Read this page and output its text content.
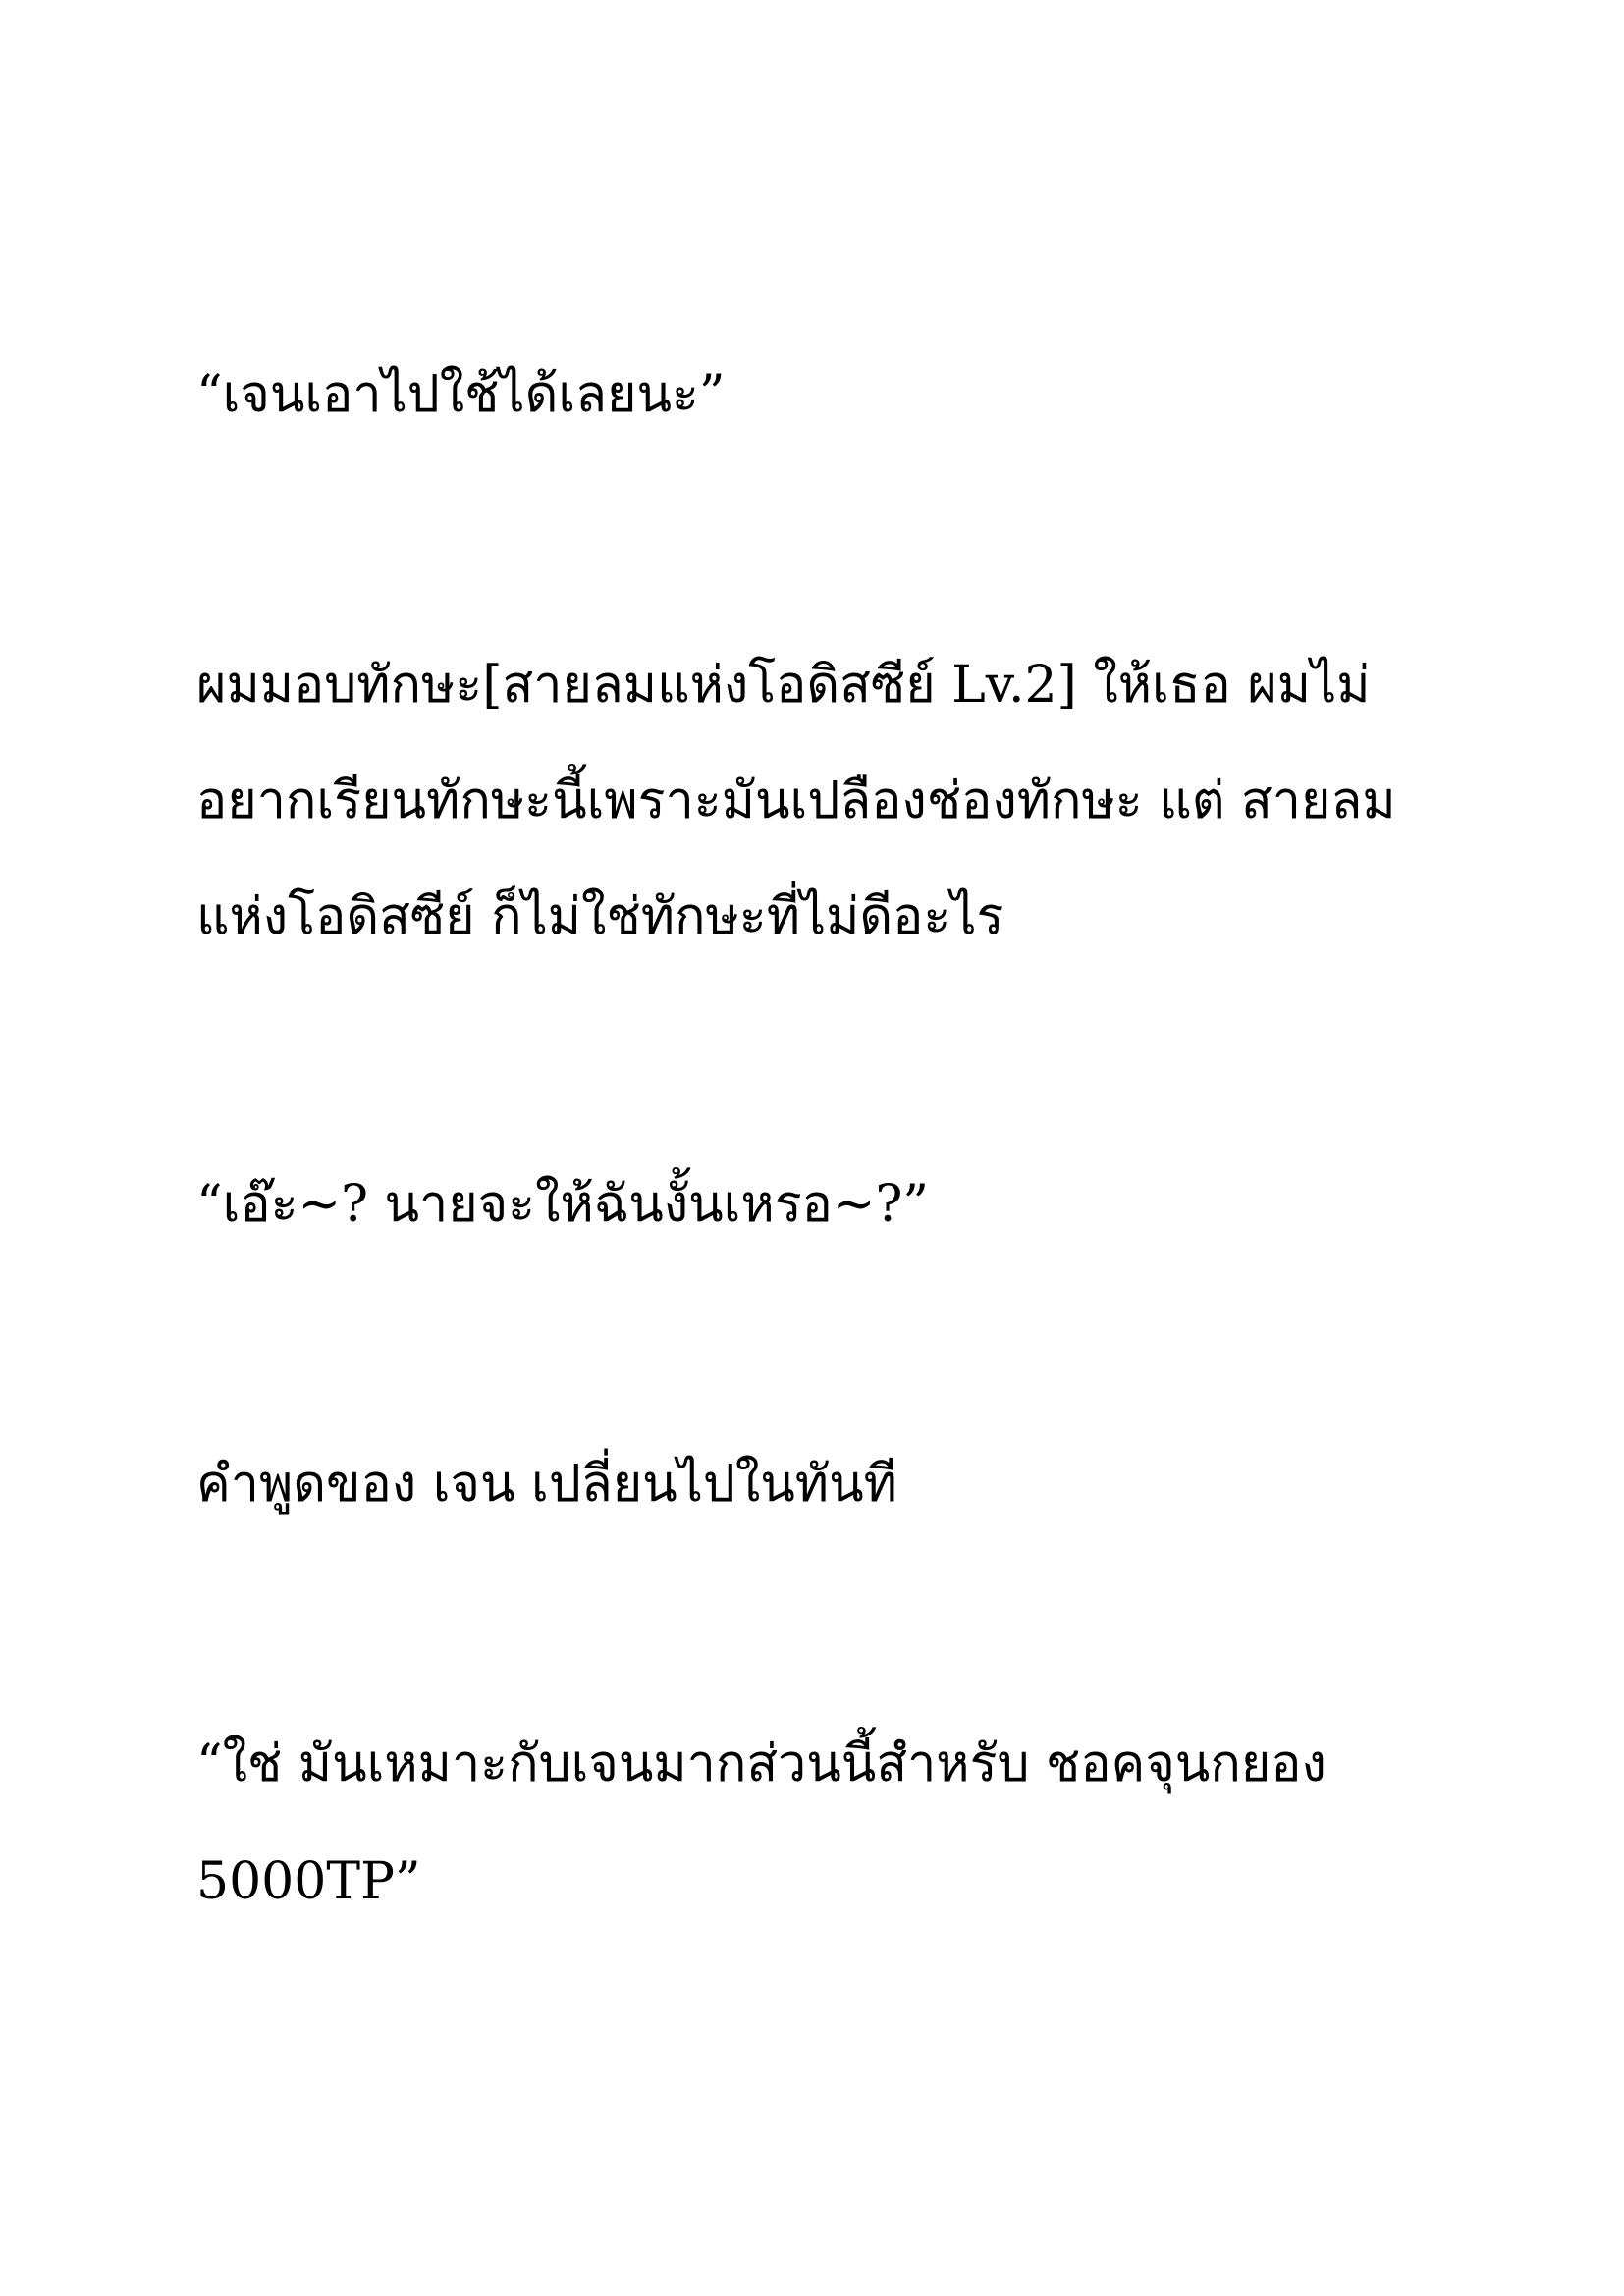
“เจนเอาไปใช้ได้เลยนะ”

ผมมอบทักษะ[สายลมแห่งโอดิสซีย์ Lv.2] ให้เธอ ผมไม่

อยากเรียนทักษะนี้เพราะมันเปลืองช่องทักษะ แต่ สายลม

แห่งโอดิสซีย์ ก็ไม่ใช่ทักษะที่ไม่ดีอะไร

“เอ๊ะ~? นายจะให้ฉันงั้นเหรอ~?”

คำพูดของ เจน เปลี่ยนไปในทันที

“ใช่ มันเหมาะกับเจนมากส่วนนี้สำหรับ ชอคจุนกยอง

5000TP”
